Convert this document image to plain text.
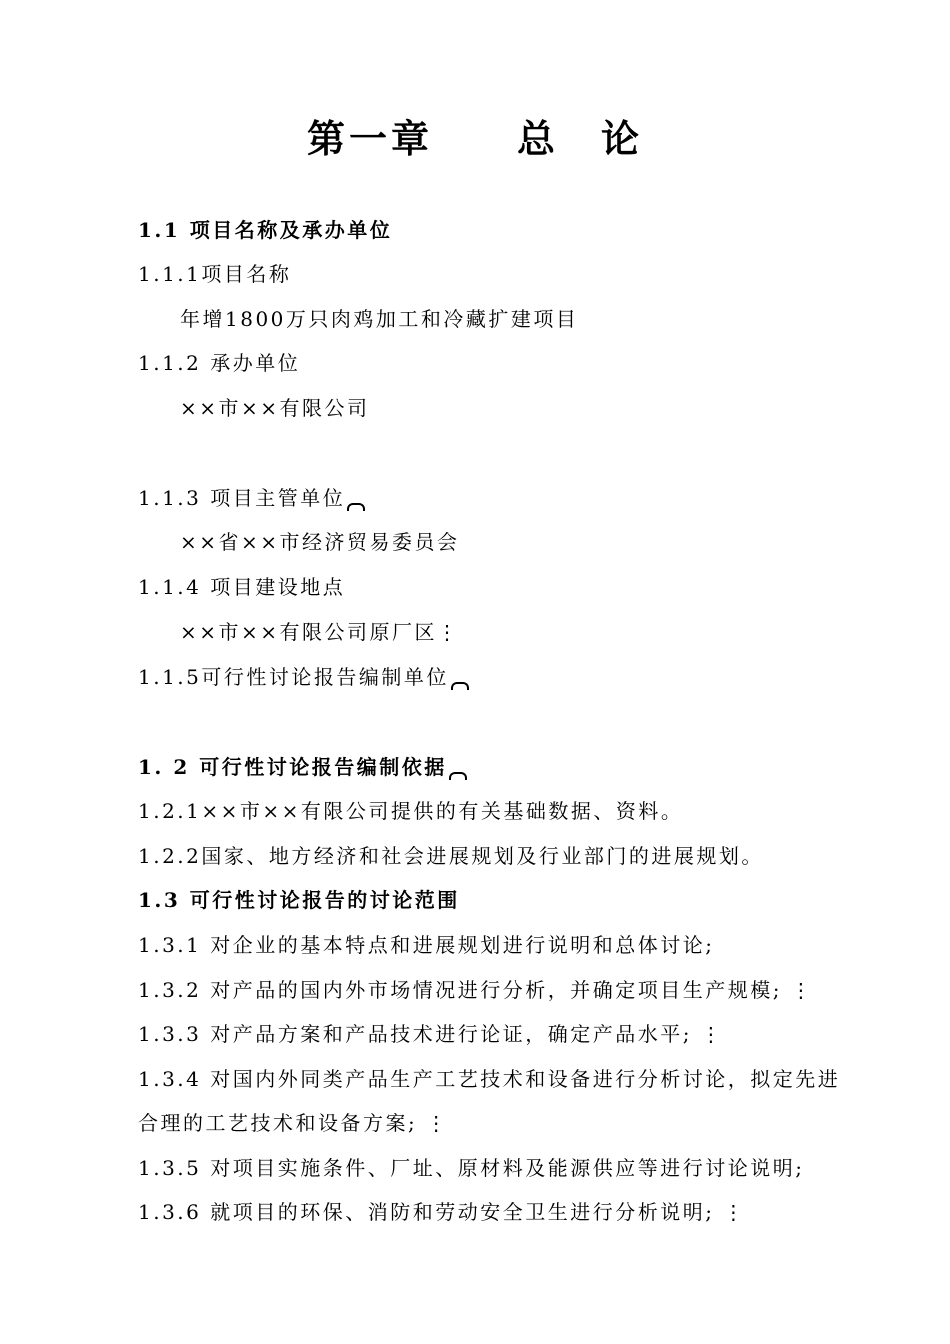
第一章　　总　论
1.1 项目名称及承办单位
1.1.1项目名称
年增1800万只肉鸡加工和冷藏扩建项目
1.1.2 承办单位
××市××有限公司
1.1.3 项目主管单位
××省××市经济贸易委员会
1.1.4 项目建设地点
××市××有限公司原厂区⋮
1.1.5可行性讨论报告编制单位
1. 2 可行性讨论报告编制依据
1.2.1××市××有限公司提供的有关基础数据、资料。
1.2.2国家、地方经济和社会进展规划及行业部门的进展规划。
1.3 可行性讨论报告的讨论范围
1.3.1 对企业的基本特点和进展规划进行说明和总体讨论;
1.3.2 对产品的国内外市场情况进行分析，并确定项目生产规模; ⋮
1.3.3 对产品方案和产品技术进行论证，确定产品水平; ⋮
1.3.4 对国内外同类产品生产工艺技术和设备进行分析讨论，拟定先进
合理的工艺技术和设备方案; ⋮
1.3.5 对项目实施条件、厂址、原材料及能源供应等进行讨论说明;
1.3.6 就项目的环保、消防和劳动安全卫生进行分析说明; ⋮
